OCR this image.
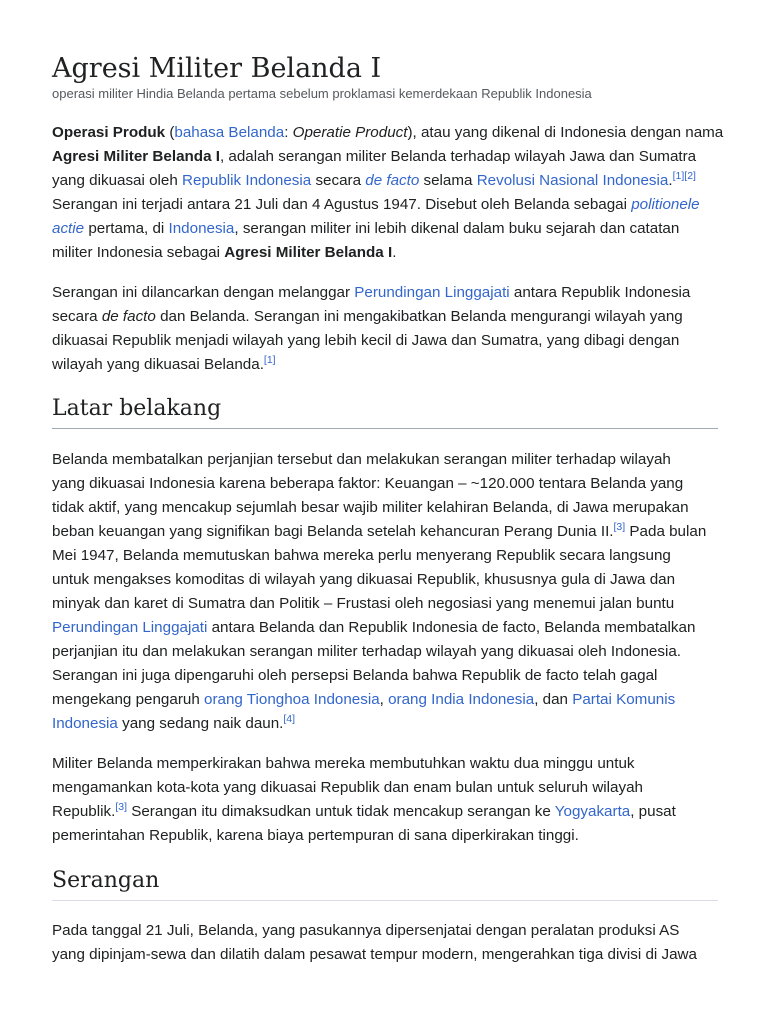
Agresi Militer Belanda I
operasi militer Hindia Belanda pertama sebelum proklamasi kemerdekaan Republik Indonesia

Operasi Produk (bahasa Belanda: Operatie Product), atau yang dikenal di Indonesia dengan nama
Agresi Militer Belanda I, adalah serangan militer Belanda terhadap wilayah Jawa dan Sumatra
yang dikuasai oleh Republik Indonesia secara de facto selama Revolusi Nasional Indonesia.[1][2]
Serangan ini terjadi antara 21 Juli dan 4 Agustus 1947. Disebut oleh Belanda sebagai politionele
actie pertama, di Indonesia, serangan militer ini lebih dikenal dalam buku sejarah dan catatan
militer Indonesia sebagai Agresi Militer Belanda I.

Serangan ini dilancarkan dengan melanggar Perundingan Linggajati antara Republik Indonesia
secara de facto dan Belanda. Serangan ini mengakibatkan Belanda mengurangi wilayah yang
dikuasai Republik menjadi wilayah yang lebih kecil di Jawa dan Sumatra, yang dibagi dengan
wilayah yang dikuasai Belanda.[1]

Latar belakang

Belanda membatalkan perjanjian tersebut dan melakukan serangan militer terhadap wilayah
yang dikuasai Indonesia karena beberapa faktor: Keuangan – ~120.000 tentara Belanda yang
tidak aktif, yang mencakup sejumlah besar wajib militer kelahiran Belanda, di Jawa merupakan
beban keuangan yang signifikan bagi Belanda setelah kehancuran Perang Dunia II.[3] Pada bulan
Mei 1947, Belanda memutuskan bahwa mereka perlu menyerang Republik secara langsung
untuk mengakses komoditas di wilayah yang dikuasai Republik, khususnya gula di Jawa dan
minyak dan karet di Sumatra dan Politik – Frustasi oleh negosiasi yang menemui jalan buntu
Perundingan Linggajati antara Belanda dan Republik Indonesia de facto, Belanda membatalkan
perjanjian itu dan melakukan serangan militer terhadap wilayah yang dikuasai oleh Indonesia.
Serangan ini juga dipengaruhi oleh persepsi Belanda bahwa Republik de facto telah gagal
mengekang pengaruh orang Tionghoa Indonesia, orang India Indonesia, dan Partai Komunis
Indonesia yang sedang naik daun.[4]

Militer Belanda memperkirakan bahwa mereka membutuhkan waktu dua minggu untuk
mengamankan kota-kota yang dikuasai Republik dan enam bulan untuk seluruh wilayah
Republik.[3] Serangan itu dimaksudkan untuk tidak mencakup serangan ke Yogyakarta, pusat
pemerintahan Republik, karena biaya pertempuran di sana diperkirakan tinggi.

Serangan

Pada tanggal 21 Juli, Belanda, yang pasukannya dipersenjatai dengan peralatan produksi AS
yang dipinjam-sewa dan dilatih dalam pesawat tempur modern, mengerahkan tiga divisi di Jawa
